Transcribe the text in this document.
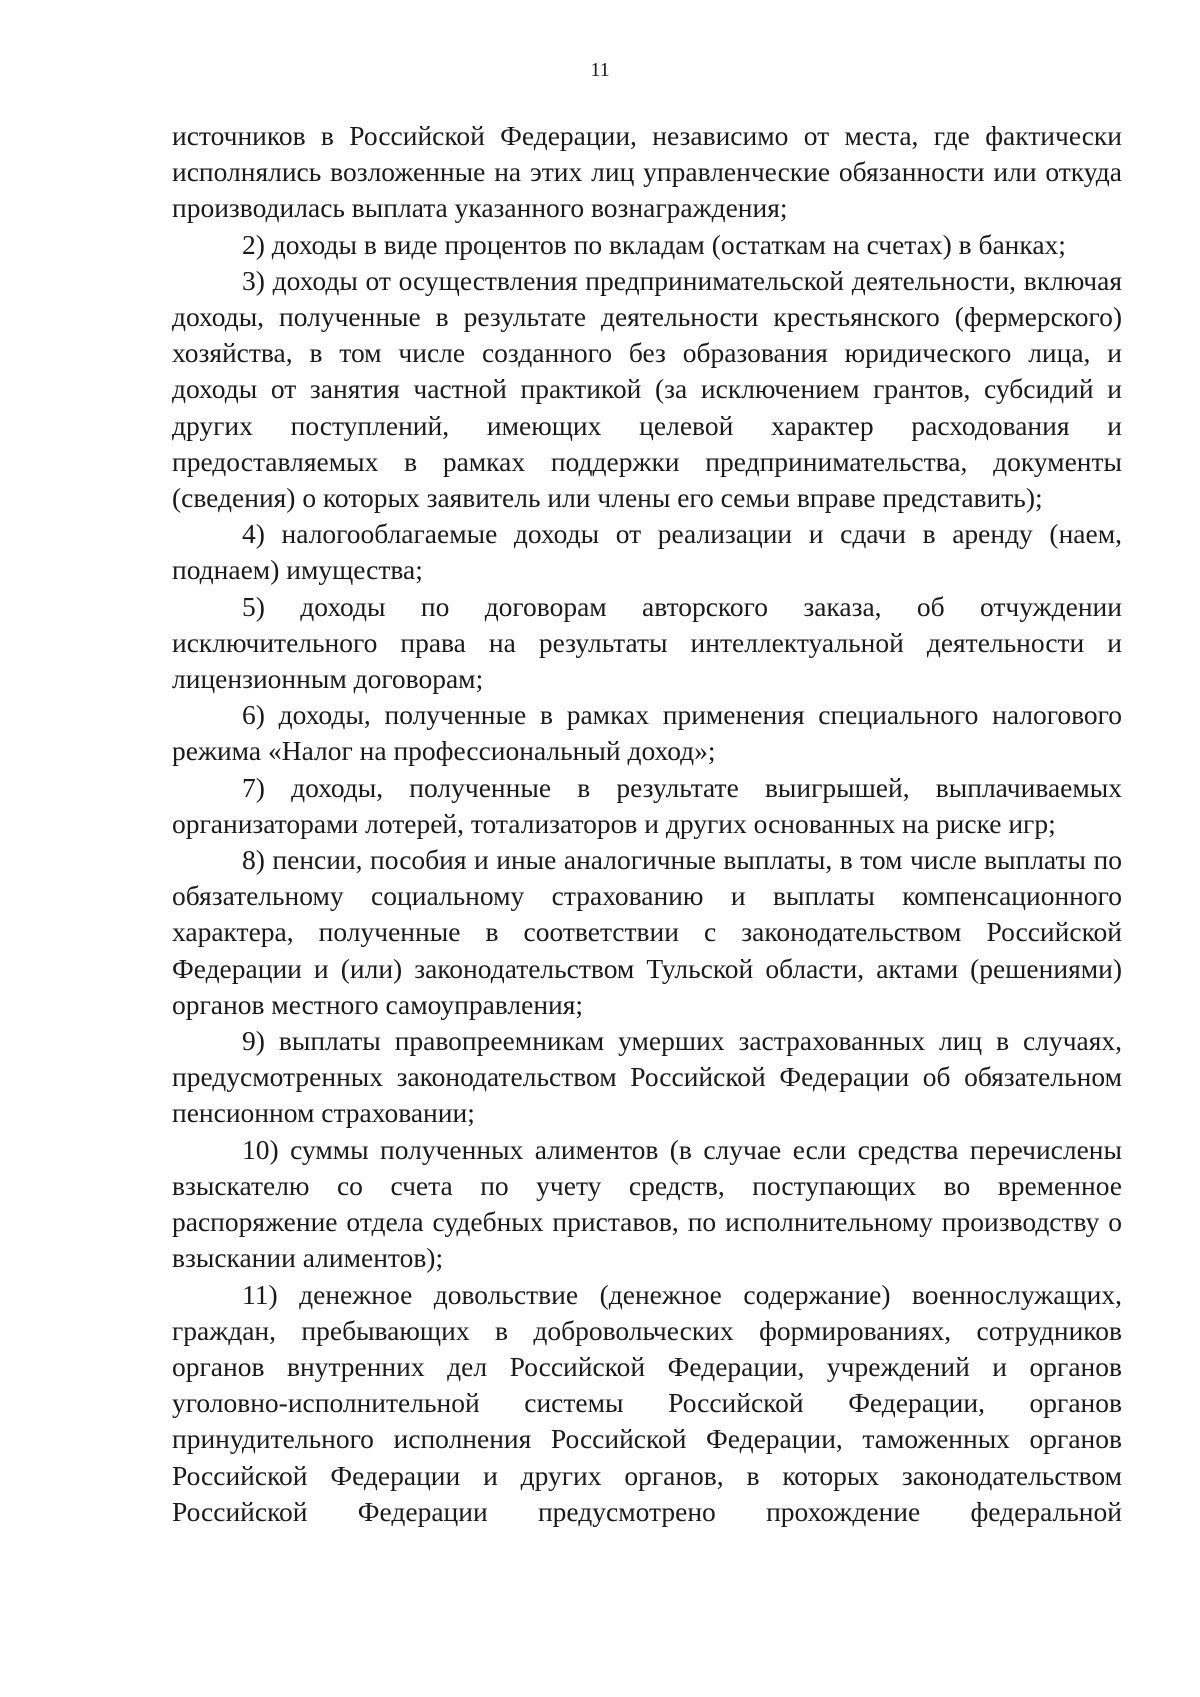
11

источников в Российской Федерации, независимо от места, где фактически исполнялись возложенные на этих лиц управленческие обязанности или откуда производилась выплата указанного вознаграждения;

2) доходы в виде процентов по вкладам (остаткам на счетах) в банках;

3) доходы от осуществления предпринимательской деятельности, включая доходы, полученные в результате деятельности крестьянского (фермерского) хозяйства, в том числе созданного без образования юридического лица, и доходы от занятия частной практикой (за исключением грантов, субсидий и других поступлений, имеющих целевой характер расходования и предоставляемых в рамках поддержки предпринимательства, документы (сведения) о которых заявитель или члены его семьи вправе представить);

4) налогооблагаемые доходы от реализации и сдачи в аренду (наем, поднаем) имущества;

5) доходы по договорам авторского заказа, об отчуждении исключительного права на результаты интеллектуальной деятельности и лицензионным договорам;

6) доходы, полученные в рамках применения специального налогового режима «Налог на профессиональный доход»;

7) доходы, полученные в результате выигрышей, выплачиваемых организаторами лотерей, тотализаторов и других основанных на риске игр;

8) пенсии, пособия и иные аналогичные выплаты, в том числе выплаты по обязательному социальному страхованию и выплаты компенсационного характера, полученные в соответствии с законодательством Российской Федерации и (или) законодательством Тульской области, актами (решениями) органов местного самоуправления;

9) выплаты правопреемникам умерших застрахованных лиц в случаях, предусмотренных законодательством Российской Федерации об обязательном пенсионном страховании;

10) суммы полученных алиментов (в случае если средства перечислены взыскателю со счета по учету средств, поступающих во временное распоряжение отдела судебных приставов, по исполнительному производству о взыскании алиментов);

11) денежное довольствие (денежное содержание) военнослужащих, граждан, пребывающих в добровольческих формированиях, сотрудников органов внутренних дел Российской Федерации, учреждений и органов уголовно-исполнительной системы Российской Федерации, органов принудительного исполнения Российской Федерации, таможенных органов Российской Федерации и других органов, в которых законодательством Российской Федерации предусмотрено прохождение федеральной
